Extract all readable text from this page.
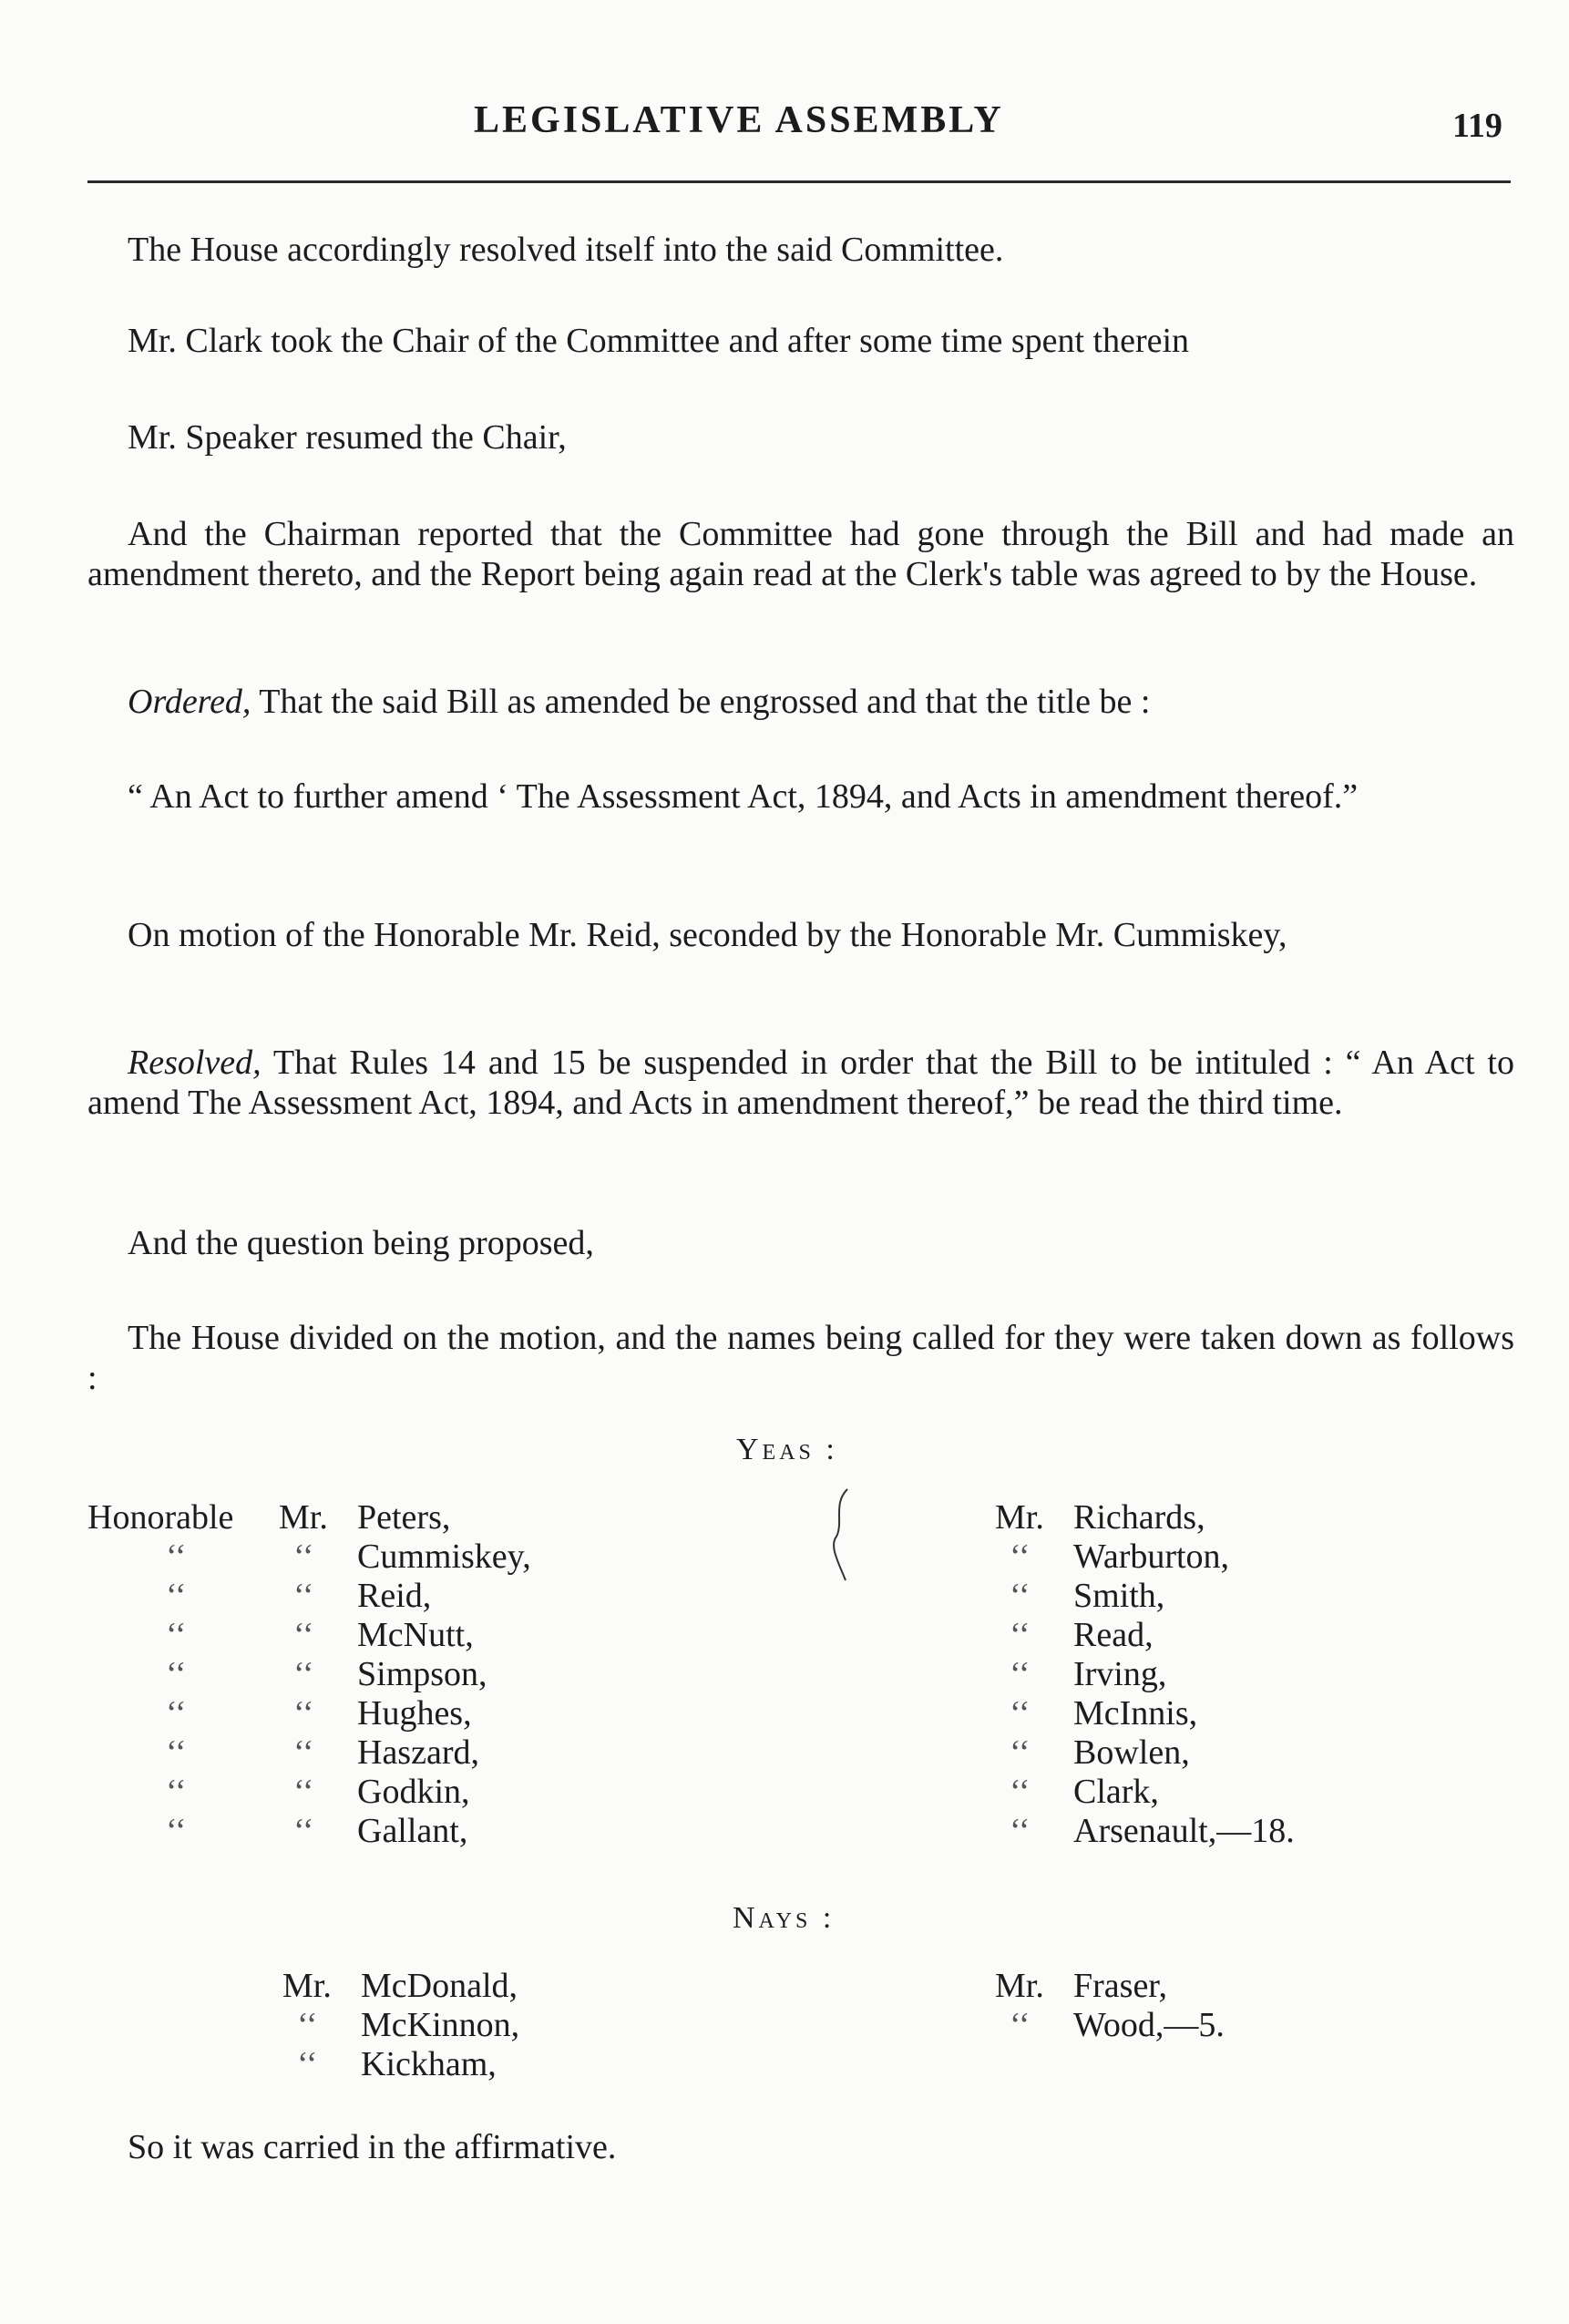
LEGISLATIVE ASSEMBLY	119

The House accordingly resolved itself into the said Committee.

Mr. Clark took the Chair of the Committee and after some time spent therein

Mr. Speaker resumed the Chair,

And the Chairman reported that the Committee had gone through the Bill and had made an amendment thereto, and the Report being again read at the Clerk's table was agreed to by the House.

Ordered, That the said Bill as amended be engrossed and that the title be :

“ An Act to further amend ‘ The Assessment Act, 1894, and Acts in amendment thereof.”

On motion of the Honorable Mr. Reid, seconded by the Honorable Mr. Cummiskey,

Resolved, That Rules 14 and 15 be suspended in order that the Bill to be intituled : “ An Act to amend The Assessment Act, 1894, and Acts in amendment thereof,” be read the third time.

And the question being proposed,

The House divided on the motion, and the names being called for they were taken down as follows :

Yeas :
Honorable Mr. Peters,
‘‘	‘‘ Cummiskey,
‘‘	‘‘ Reid,
‘‘	‘‘ McNutt,
‘‘	‘‘ Simpson,
‘‘	‘‘ Hughes,
‘‘	‘‘ Haszard,
‘‘	‘‘ Godkin,
‘‘	‘‘ Gallant,
Mr. Richards,
‘‘ Warburton,
‘‘ Smith,
‘‘ Read,
‘‘ Irving,
‘‘ McInnis,
‘‘ Bowlen,
‘‘ Clark,
‘‘ Arsenault,—18.
Nays :
Mr. McDonald,
‘‘ McKinnon,
‘‘ Kickham,
Mr. Fraser,
‘‘ Wood,—5.

So it was carried in the affirmative.
